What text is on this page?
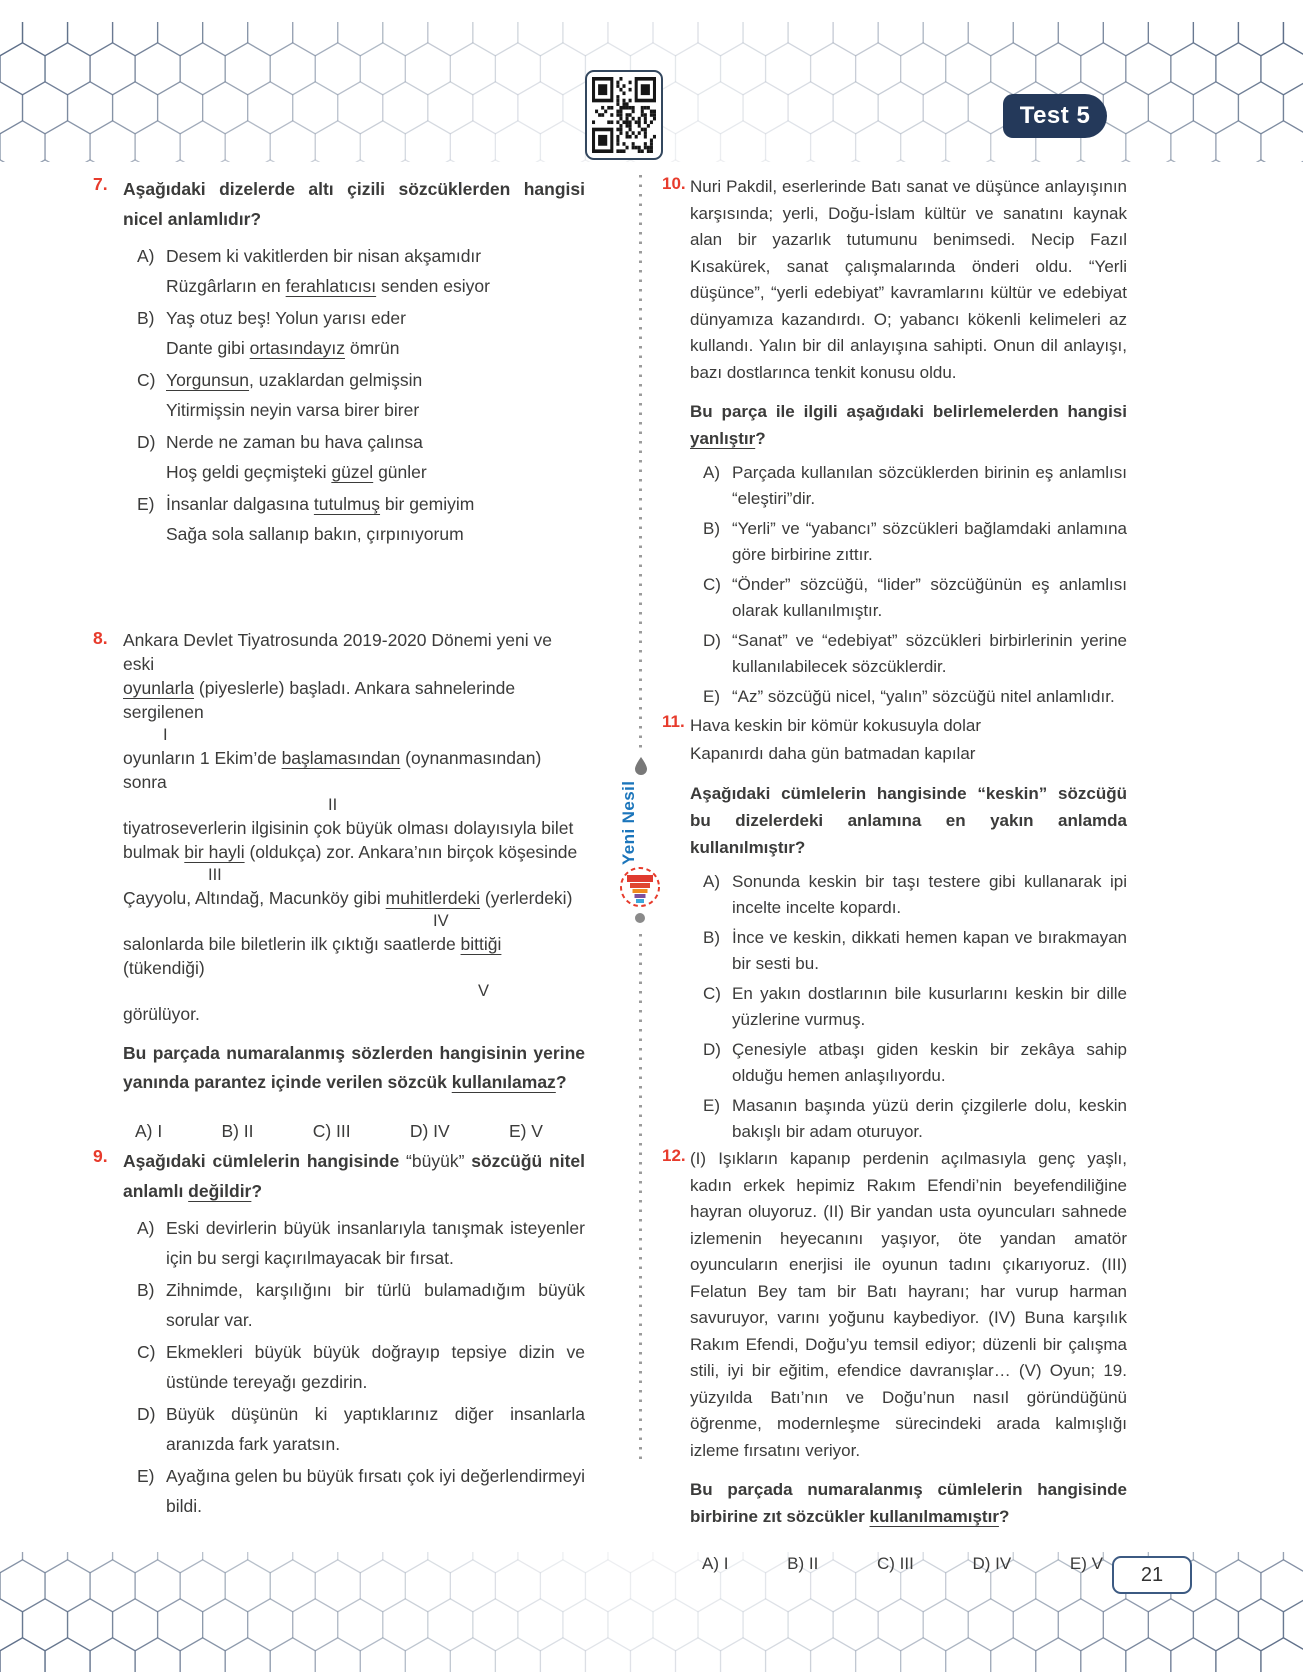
Test 5
Yeni Nesil
7. Aşağıdaki dizelerde altı çizili sözcüklerden hangisi nicel anlamlıdır?
A) Desem ki vakitlerden bir nisan akşamıdır
Rüzgârların en ferahlatıcısı senden esiyor
B) Yaş otuz beş! Yolun yarısı eder
Dante gibi ortasındayız ömrün
C) Yorgunsun, uzaklardan gelmişsin
Yitirmişsin neyin varsa birer birer
D) Nerde ne zaman bu hava çalınsa
Hoş geldi geçmişteki güzel günler
E) İnsanlar dalgasına tutulmuş bir gemiyim
Sağa sola sallanıp bakın, çırpınıyorum
8. Ankara Devlet Tiyatrosunda 2019-2020 Dönemi yeni ve eski
oyunlarla (piyeslerle) başladı. Ankara sahnelerinde sergilenen
I
oyunların 1 Ekim’de başlamasından (oynanmasından) sonra
II
tiyatroseverlerin ilgisinin çok büyük olması dolayısıyla bilet
bulmak bir hayli (oldukça) zor. Ankara’nın birçok köşesinde
III
Çayyolu, Altındağ, Macunköy gibi muhitlerdeki (yerlerdeki)
IV
salonlarda bile biletlerin ilk çıktığı saatlerde bittiği (tükendiği)
V
görülüyor.
Bu parçada numaralanmış sözlerden hangisinin yerine yanında parantez içinde verilen sözcük kullanılamaz?
A) I	B) II	C) III	D) IV	E) V
9. Aşağıdaki cümlelerin hangisinde “büyük” sözcüğü nitel anlamlı değildir?
A) Eski devirlerin büyük insanlarıyla tanışmak isteyenler için bu sergi kaçırılmayacak bir fırsat.
B) Zihnimde, karşılığını bir türlü bulamadığım büyük sorular var.
C) Ekmekleri büyük büyük doğrayıp tepsiye dizin ve üstünde tereyağı gezdirin.
D) Büyük düşünün ki yaptıklarınız diğer insanlarla aranızda fark yaratsın.
E) Ayağına gelen bu büyük fırsatı çok iyi değerlendirmeyi bildi.
10. Nuri Pakdil, eserlerinde Batı sanat ve düşünce anlayışının karşısında; yerli, Doğu-İslam kültür ve sanatını kaynak alan bir yazarlık tutumunu benimsedi. Necip Fazıl Kısakürek, sanat çalışmalarında önderi oldu. “Yerli düşünce”, “yerli edebiyat” kavramlarını kültür ve edebiyat dünyamıza kazandırdı. O; yabancı kökenli kelimeleri az kullandı. Yalın bir dil anlayışına sahipti. Onun dil anlayışı, bazı dostlarınca tenkit konusu oldu.
Bu parça ile ilgili aşağıdaki belirlemelerden hangisi yanlıştır?
A) Parçada kullanılan sözcüklerden birinin eş anlamlısı “eleştiri”dir.
B) “Yerli” ve “yabancı” sözcükleri bağlamdaki anlamına göre birbirine zıttır.
C) “Önder” sözcüğü, “lider” sözcüğünün eş anlamlısı olarak kullanılmıştır.
D) “Sanat” ve “edebiyat” sözcükleri birbirlerinin yerine kullanılabilecek sözcüklerdir.
E) “Az” sözcüğü nicel, “yalın” sözcüğü nitel anlamlıdır.
11. Hava keskin bir kömür kokusuyla dolar
Kapanırdı daha gün batmadan kapılar
Aşağıdaki cümlelerin hangisinde “keskin” sözcüğü bu dizelerdeki anlamına en yakın anlamda kullanılmıştır?
A) Sonunda keskin bir taşı testere gibi kullanarak ipi incelte incelte kopardı.
B) İnce ve keskin, dikkati hemen kapan ve bırakmayan bir sesti bu.
C) En yakın dostlarının bile kusurlarını keskin bir dille yüzlerine vurmuş.
D) Çenesiyle atbaşı giden keskin bir zekâya sahip olduğu hemen anlaşılıyordu.
E) Masanın başında yüzü derin çizgilerle dolu, keskin bakışlı bir adam oturuyor.
12. (I) Işıkların kapanıp perdenin açılmasıyla genç yaşlı, kadın erkek hepimiz Rakım Efendi’nin beyefendiliğine hayran oluyoruz. (II) Bir yandan usta oyuncuları sahnede izlemenin heyecanını yaşıyor, öte yandan amatör oyuncuların enerjisi ile oyunun tadını çıkarıyoruz. (III) Felatun Bey tam bir Batı hayranı; har vurup harman savuruyor, varını yoğunu kaybediyor. (IV) Buna karşılık Rakım Efendi, Doğu’yu temsil ediyor; düzenli bir çalışma stili, iyi bir eğitim, efendice davranışlar… (V) Oyun; 19. yüzyılda Batı’nın ve Doğu’nun nasıl göründüğünü öğrenme, modernleşme sürecindeki arada kalmışlığı izleme fırsatını veriyor.
Bu parçada numaralanmış cümlelerin hangisinde birbirine zıt sözcükler kullanılmamıştır?
A) I	B) II	C) III	D) IV	E) V 21
